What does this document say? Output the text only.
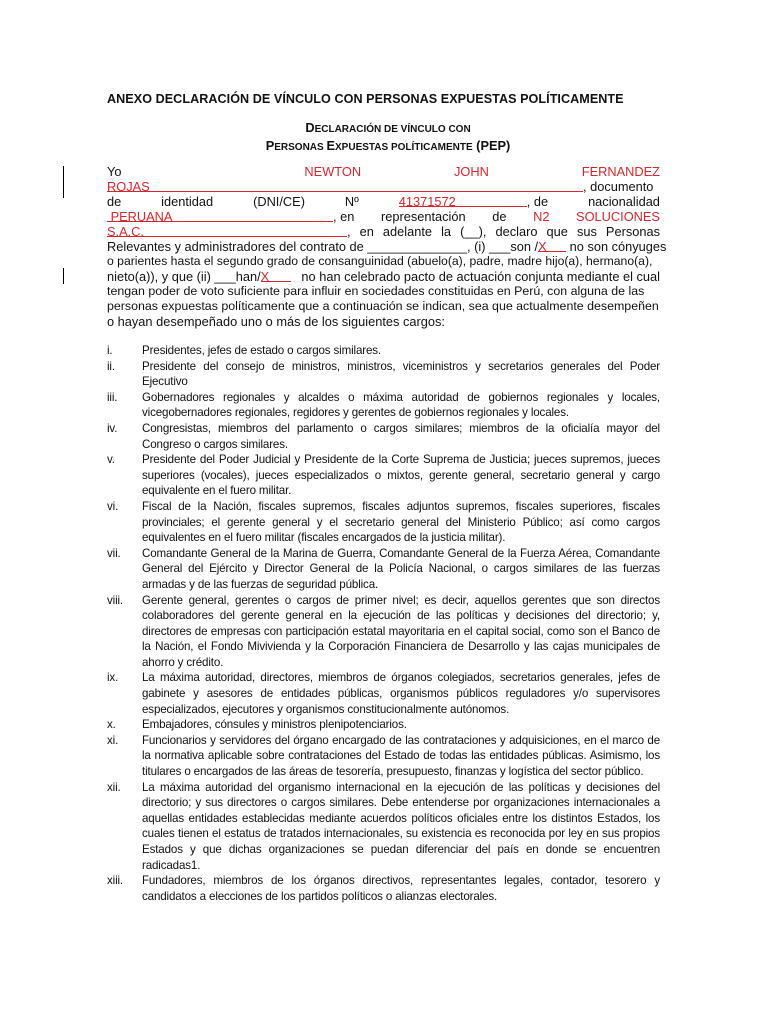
ANEXO DECLARACIÓN DE VÍNCULO CON PERSONAS EXPUESTAS POLÍTICAMENTE
DECLARACIÓN DE VÍNCULO CON
PERSONAS EXPUESTAS POLÍTICAMENTE (PEP)
Yo	NEWTON	JOHN	FERNANDEZ
ROJAS	, documento
de	identidad	(DNI/CE)	Nº	41371572	, de	nacionalidad
PERUANA	, en representación de N2 SOLUCIONES
S.A.C.	, en adelante la (__), declaro que sus Personas
Relevantes y administradores del contrato de ______________, (i) ___son / X no son cónyuges
o parientes hasta el segundo grado de consanguinidad (abuelo(a), padre, madre hijo(a), hermano(a),
nieto(a)), y que (ii) ___han/X	no han celebrado pacto de actuación conjunta mediante el cual
tengan poder de voto suficiente para influir en sociedades constituidas en Perú, con alguna de las
personas expuestas políticamente que a continuación se indican, sea que actualmente desempeñen
o hayan desempeñado uno o más de los siguientes cargos:
i.	Presidentes, jefes de estado o cargos similares.
ii.	Presidente del consejo de ministros, ministros, viceministros y secretarios generales del Poder Ejecutivo
iii.	Gobernadores regionales y alcaldes o máxima autoridad de gobiernos regionales y locales, vicegobernadores regionales, regidores y gerentes de gobiernos regionales y locales.
iv.	Congresistas, miembros del parlamento o cargos similares; miembros de la oficialía mayor del Congreso o cargos similares.
v.	Presidente del Poder Judicial y Presidente de la Corte Suprema de Justicia; jueces supremos, jueces superiores (vocales), jueces especializados o mixtos, gerente general, secretario general y cargo equivalente en el fuero militar.
vi.	Fiscal de la Nación, fiscales supremos, fiscales adjuntos supremos, fiscales superiores, fiscales provinciales; el gerente general y el secretario general del Ministerio Público; así como cargos equivalentes en el fuero militar (fiscales encargados de la justicia militar).
vii.	Comandante General de la Marina de Guerra, Comandante General de la Fuerza Aérea, Comandante General del Ejército y Director General de la Policía Nacional, o cargos similares de las fuerzas armadas y de las fuerzas de seguridad pública.
viii.	Gerente general, gerentes o cargos de primer nivel; es decir, aquellos gerentes que son directos colaboradores del gerente general en la ejecución de las políticas y decisiones del directorio; y, directores de empresas con participación estatal mayoritaria en el capital social, como son el Banco de la Nación, el Fondo Mivivienda y la Corporación Financiera de Desarrollo y las cajas municipales de ahorro y crédito.
ix.	La máxima autoridad, directores, miembros de órganos colegiados, secretarios generales, jefes de gabinete y asesores de entidades públicas, organismos públicos reguladores y/o supervisores especializados, ejecutores y organismos constitucionalmente autónomos.
x.	Embajadores, cónsules y ministros plenipotenciarios.
xi.	Funcionarios y servidores del órgano encargado de las contrataciones y adquisiciones, en el marco de la normativa aplicable sobre contrataciones del Estado de todas las entidades públicas. Asimismo, los titulares o encargados de las áreas de tesorería, presupuesto, finanzas y logística del sector público.
xii.	La máxima autoridad del organismo internacional en la ejecución de las políticas y decisiones del directorio; y sus directores o cargos similares. Debe entenderse por organizaciones internacionales a aquellas entidades establecidas mediante acuerdos políticos oficiales entre los distintos Estados, los cuales tienen el estatus de tratados internacionales, su existencia es reconocida por ley en sus propios Estados y que dichas organizaciones se puedan diferenciar del país en donde se encuentren radicadas1.
xiii.	Fundadores, miembros de los órganos directivos, representantes legales, contador, tesorero y candidatos a elecciones de los partidos políticos o alianzas electorales.
